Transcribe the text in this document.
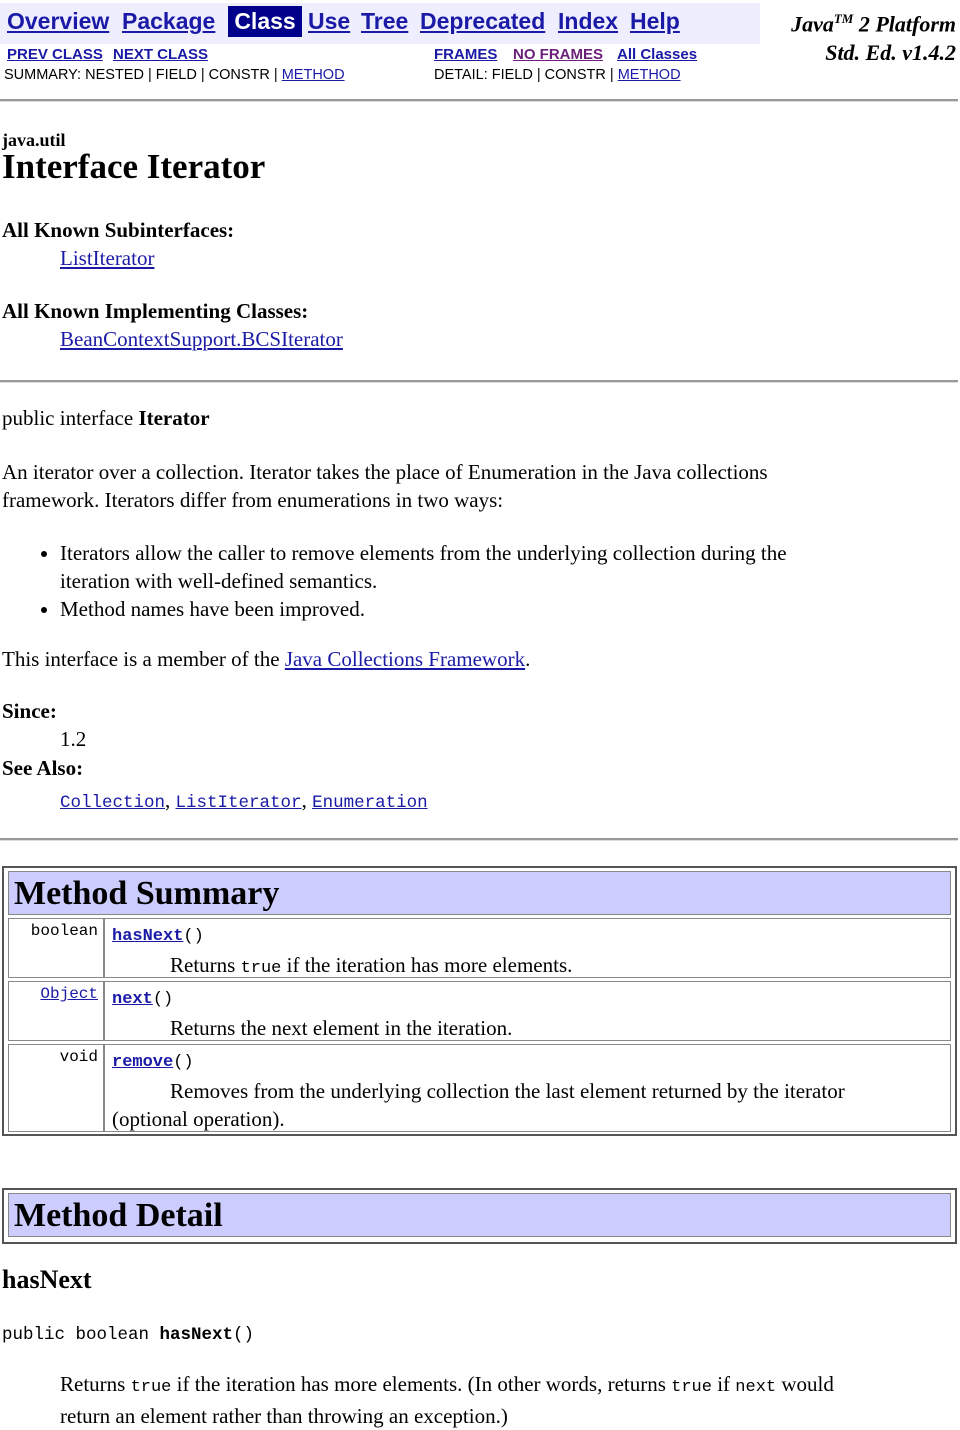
Overview Package Class Use Tree Deprecated Index Help	Java™ 2 Platform
Std. Ed. v1.4.2
PREV CLASS NEXT CLASS	FRAMES NO FRAMES All Classes
SUMMARY: NESTED | FIELD | CONSTR | METHOD	DETAIL: FIELD | CONSTR | METHOD
java.util
Interface Iterator
All Known Subinterfaces:
ListIterator
All Known Implementing Classes:
BeanContextSupport.BCSIterator
public interface Iterator
An iterator over a collection. Iterator takes the place of Enumeration in the Java collections
framework. Iterators differ from enumerations in two ways:
• Iterators allow the caller to remove elements from the underlying collection during the
iteration with well-defined semantics.
• Method names have been improved.
This interface is a member of the Java Collections Framework.
Since:
1.2
See Also:
Collection, ListIterator, Enumeration
Method Summary
boolean hasNext()
Returns true if the iteration has more elements.
Object next()
Returns the next element in the iteration.
void remove()
Removes from the underlying collection the last element returned by the iterator
(optional operation).
Method Detail
hasNext
public boolean hasNext()
Returns true if the iteration has more elements. (In other words, returns true if next would
return an element rather than throwing an exception.)
